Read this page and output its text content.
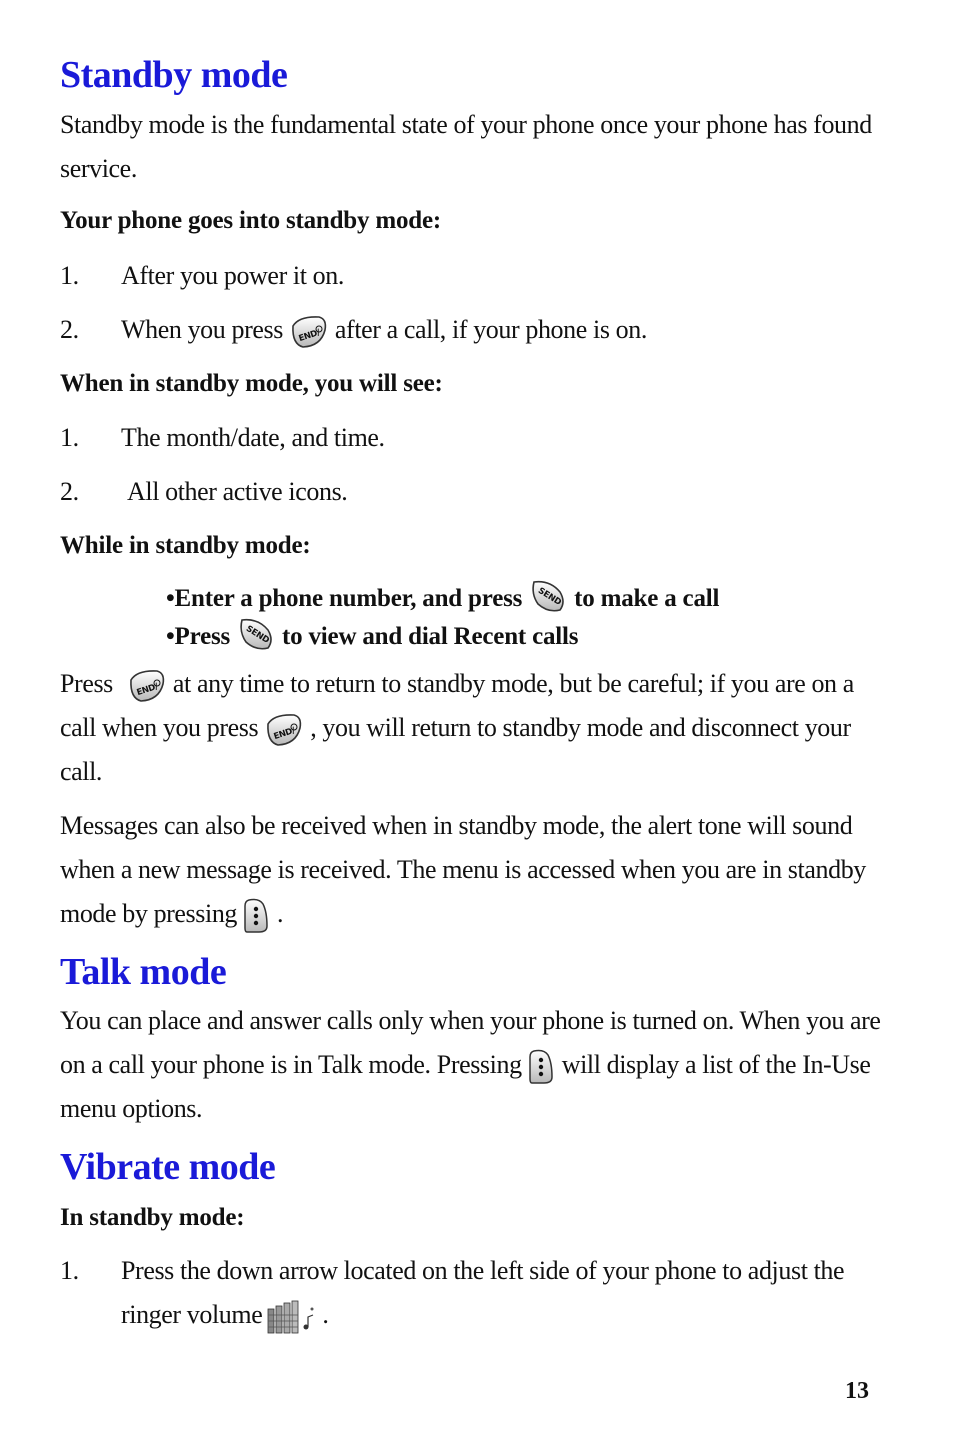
Standby mode

Standby mode is the fundamental state of your phone once your phone has found service.

Your phone goes into standby mode:

1. After you power it on.
2. When you press after a call, if your phone is on.

When in standby mode, you will see:

1. The month/date, and time.
2. All other active icons.

While in standby mode:

•Enter a phone number, and press to make a call
•Press to view and dial Recent calls

Press at any time to return to standby mode, but be careful; if you are on a call when you press , you will return to standby mode and disconnect your call.

Messages can also be received when in standby mode, the alert tone will sound when a new message is received. The menu is accessed when you are in standby mode by pressing .

Talk mode

You can place and answer calls only when your phone is turned on. When you are on a call your phone is in Talk mode. Pressing will display a list of the In-Use menu options.

Vibrate mode

In standby mode:

1. Press the down arrow located on the left side of your phone to adjust the ringer volume .
13
